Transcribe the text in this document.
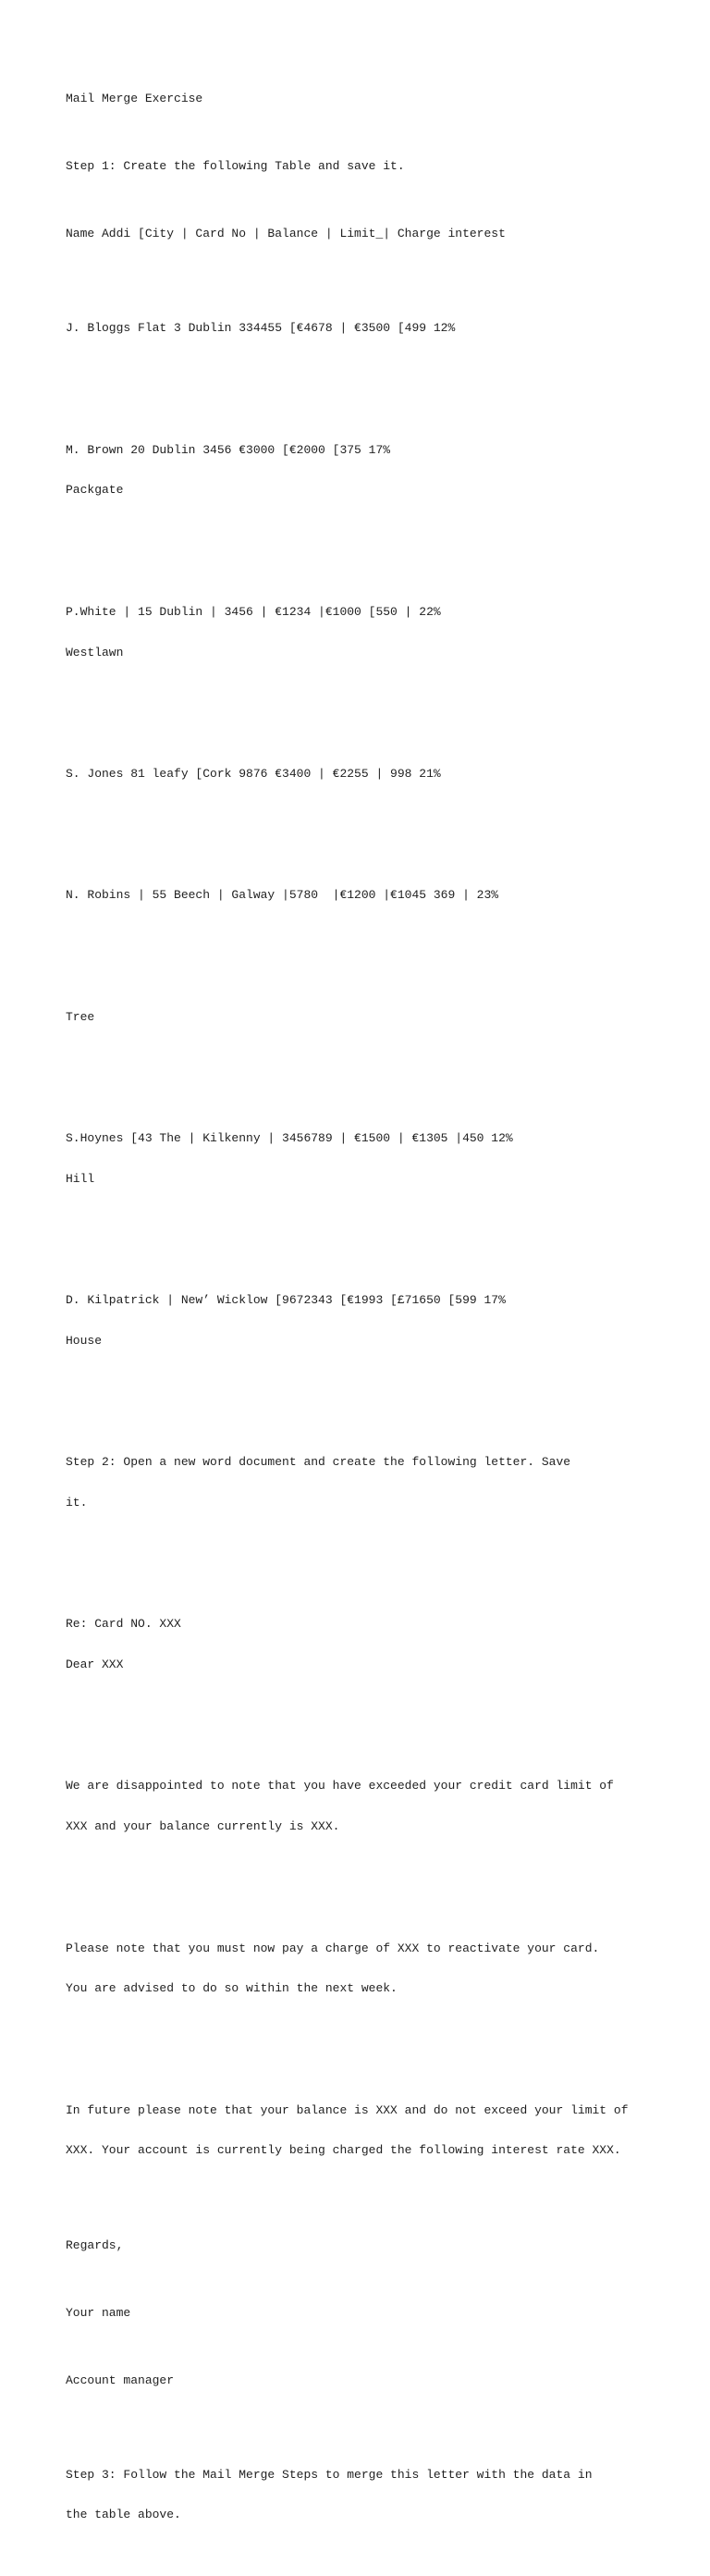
Mail Merge Exercise

Step 1: Create the following Table and save it.

Name Addi [City | Card No | Balance | Limit_| Charge interest

J. Bloggs Flat 3 Dublin 334455 [€4678 | €3500 [499 12%

M. Brown 20 Dublin 3456 €3000 [€2000 [375 17%

Packgate

P.White | 15 Dublin | 3456 | €1234 |€1000 [550 | 22%

Westlawn

S. Jones 81 leafy [Cork 9876 €3400 | €2255 | 998 21%

N. Robins | 55 Beech | Galway |5780  |€1200 |€1045 369 | 23%

Tree

S.Hoynes [43 The | Kilkenny | 3456789 | €1500 | €1305 |450 12%

Hill

D. Kilpatrick | New’ Wicklow [9672343 [€1993 [£71650 [599 17%

House

Step 2: Open a new word document and create the following letter. Save

it.

Re: Card NO. XXX

Dear XXX

We are disappointed to note that you have exceeded your credit card limit of

XXX and your balance currently is XXX.

Please note that you must now pay a charge of XXX to reactivate your card.

You are advised to do so within the next week.

In future please note that your balance is XXX and do not exceed your limit of

XXX. Your account is currently being charged the following interest rate XXX.

Regards,

Your name

Account manager

Step 3: Follow the Mail Merge Steps to merge this letter with the data in

the table above.
